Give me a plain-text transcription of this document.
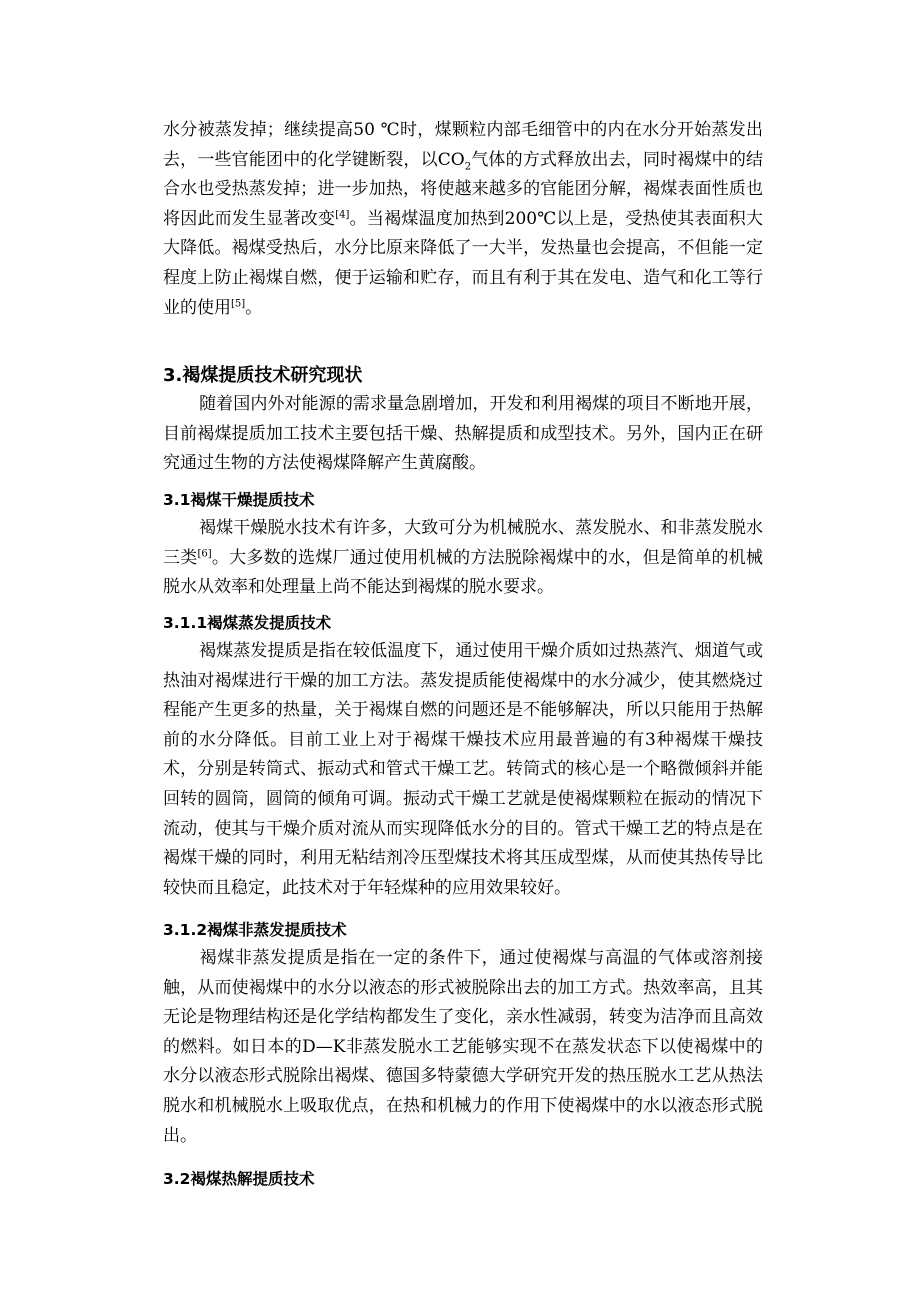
水分被蒸发掉；继续提高50 ℃时，煤颗粒内部毛细管中的内在水分开始蒸发出去，一些官能团中的化学键断裂，以$CO_2$气体的方式释放出去，同时褐煤中的结合水也受热蒸发掉；进一步加热，将使越来越多的官能团分解，褐煤表面性质也将因此而发生显著改变[4]。当褐煤温度加热到200℃以上是，受热使其表面积大大降低。褐煤受热后，水分比原来降低了一大半，发热量也会提高，不但能一定程度上防止褐煤自燃，便于运输和贮存，而且有利于其在发电、造气和化工等行业的使用[5]。

3.褐煤提质技术研究现状

随着国内外对能源的需求量急剧增加，开发和利用褐煤的项目不断地开展，目前褐煤提质加工技术主要包括干燥、热解提质和成型技术。另外，国内正在研究通过生物的方法使褐煤降解产生黄腐酸。

3.1褐煤干燥提质技术

褐煤干燥脱水技术有许多，大致可分为机械脱水、蒸发脱水、和非蒸发脱水三类[6]。大多数的选煤厂通过使用机械的方法脱除褐煤中的水，但是简单的机械脱水从效率和处理量上尚不能达到褐煤的脱水要求。

3.1.1褐煤蒸发提质技术

褐煤蒸发提质是指在较低温度下，通过使用干燥介质如过热蒸汽、烟道气或热油对褐煤进行干燥的加工方法。蒸发提质能使褐煤中的水分减少，使其燃烧过程能产生更多的热量，关于褐煤自燃的问题还是不能够解决，所以只能用于热解前的水分降低。目前工业上对于褐煤干燥技术应用最普遍的有3种褐煤干燥技术，分别是转筒式、振动式和管式干燥工艺。转筒式的核心是一个略微倾斜并能回转的圆筒，圆筒的倾角可调。振动式干燥工艺就是使褐煤颗粒在振动的情况下流动，使其与干燥介质对流从而实现降低水分的目的。管式干燥工艺的特点是在褐煤干燥的同时，利用无粘结剂冷压型煤技术将其压成型煤，从而使其热传导比较快而且稳定，此技术对于年轻煤种的应用效果较好。

3.1.2褐煤非蒸发提质技术

褐煤非蒸发提质是指在一定的条件下，通过使褐煤与高温的气体或溶剂接触，从而使褐煤中的水分以液态的形式被脱除出去的加工方式。热效率高，且其无论是物理结构还是化学结构都发生了变化，亲水性减弱，转变为洁净而且高效的燃料。如日本的D—K非蒸发脱水工艺能够实现不在蒸发状态下以使褐煤中的水分以液态形式脱除出褐煤、德国多特蒙德大学研究开发的热压脱水工艺从热法脱水和机械脱水上吸取优点，在热和机械力的作用下使褐煤中的水以液态形式脱出。

3.2褐煤热解提质技术
